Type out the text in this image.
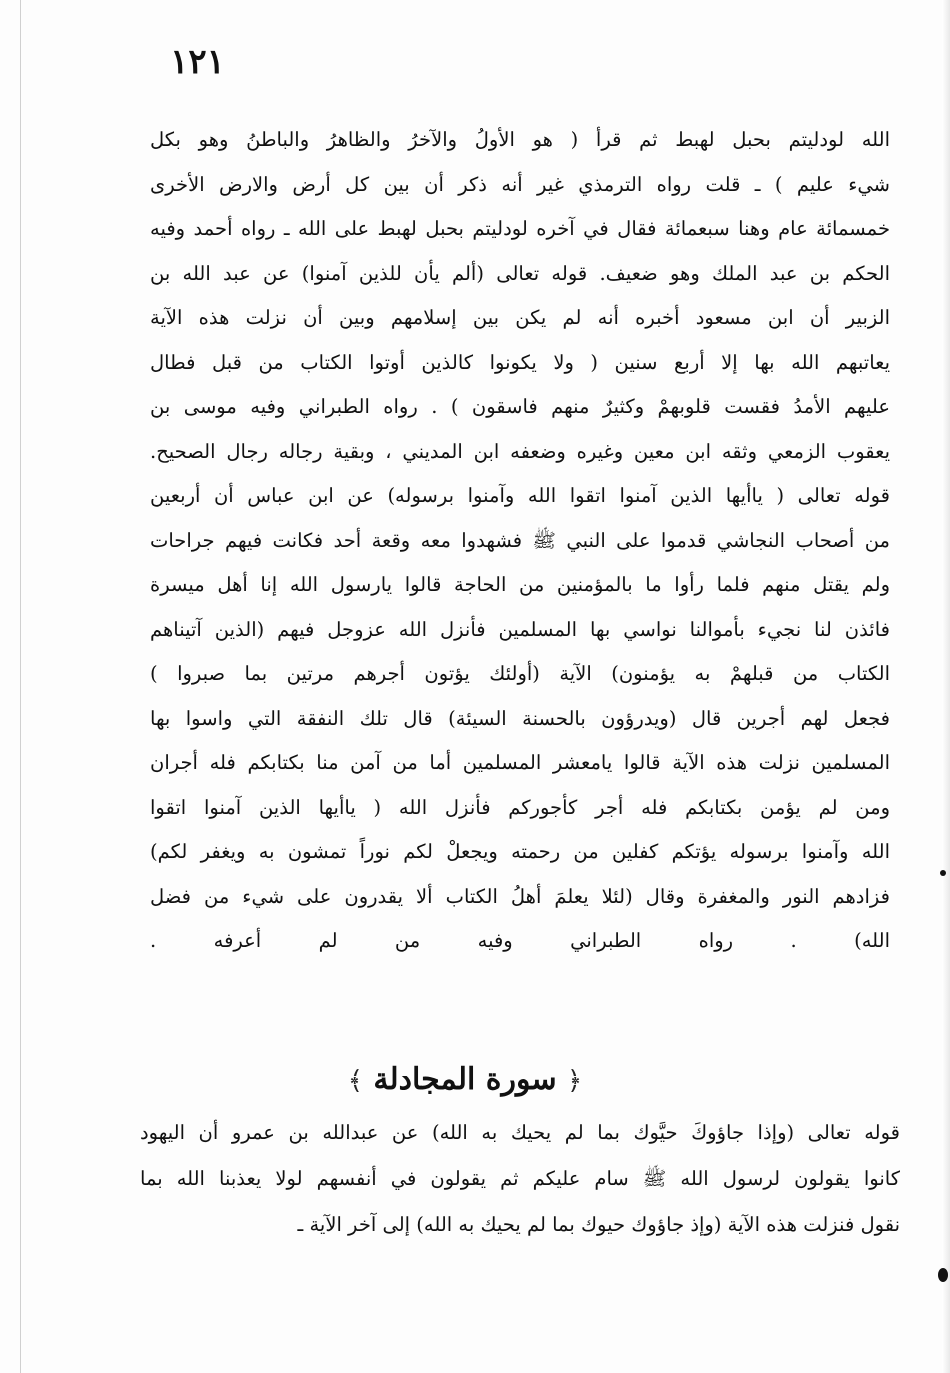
١٢١
الله لودليتم بحبل لهبط ثم قرأ ( هو الأولُ والآخرُ والظاهرُ والباطنُ وهو بكل
شيء عليم ) ـ قلت رواه الترمذي غير أنه ذكر أن بين كل أرض والارض الأخرى
خمسمائة عام وهنا سبعمائة فقال في آخره لودليتم بحبل لهبط على الله ـ رواه أحمد وفيه
الحكم بن عبد الملك وهو ضعيف. قوله تعالى (ألم يأن للذين آمنوا) عن عبد الله بن
الزبير أن ابن مسعود أخبره أنه لم يكن بين إسلامهم وبين أن نزلت هذه الآية
يعاتبهم الله بها إلا أربع سنين ( ولا يكونوا كالذين أوتوا الكتاب من قبل فطال
عليهم الأمدُ فقست قلوبهمْ وكثيرٌ منهم فاسقون ) . رواه الطبراني وفيه موسى بن
يعقوب الزمعي وثقه ابن معين وغيره وضعفه ابن المديني ، وبقية رجاله رجال الصحيح.
قوله تعالى ( ياأيها الذين آمنوا اتقوا الله وآمنوا برسوله) عن ابن عباس أن أربعين
من أصحاب النجاشي قدموا على النبي ﷺ فشهدوا معه وقعة أحد فكانت فيهم جراحات
ولم يقتل منهم فلما رأوا ما بالمؤمنين من الحاجة قالوا يارسول الله إنا أهل ميسرة
فائذن لنا نجيء بأموالنا نواسي بها المسلمين فأنزل الله عزوجل فيهم (الذين آتيناهم
الكتاب من قبلهمْ به يؤمنون) الآية (أولئك يؤتون أجرهم مرتين بما صبروا )
فجعل لهم أجرين قال (ويدرؤون بالحسنة السيئة) قال تلك النفقة التي واسوا بها
المسلمين نزلت هذه الآية قالوا يامعشر المسلمين أما من آمن منا بكتابكم فله أجران
ومن لم يؤمن بكتابكم فله أجر كأجوركم فأنزل الله ( ياأيها الذين آمنوا اتقوا
الله وآمنوا برسوله يؤتكم كفلين من رحمته ويجعلْ لكم نوراً تمشون به ويغفر لكم)
فزادهم النور والمغفرة وقال (لئلا يعلمَ أهلُ الكتاب ألا يقدرون على شيء من فضل
الله) . رواه الطبراني وفيه من لم أعرفه .
﴿ سورة المجادلة ﴾
قوله تعالى (وإذا جاؤوكَ حيَّوك بما لم يحيك به الله) عن عبدالله بن عمرو أن اليهود
كانوا يقولون لرسول الله ﷺ سام عليكم ثم يقولون في أنفسهم لولا يعذبنا الله بما
نقول فنزلت هذه الآية (وإذ جاؤوك حيوك بما لم يحيك به الله) إلى آخر الآية ـ
